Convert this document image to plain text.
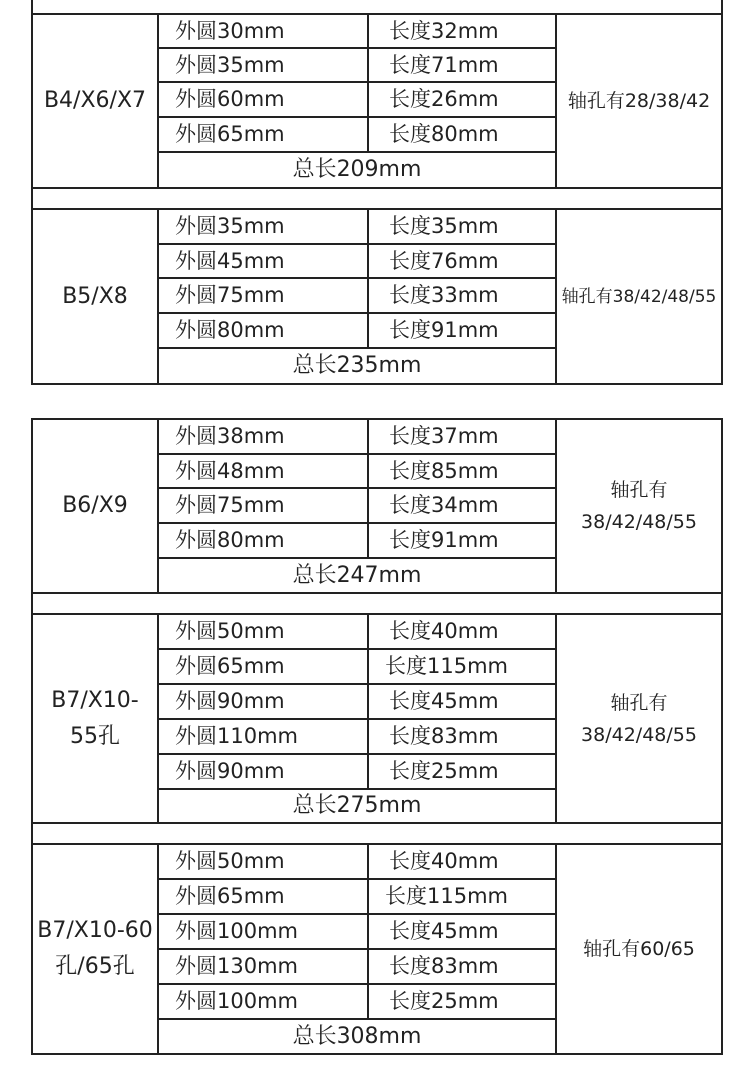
B4/X6/X7	外圆30mm	长度32mm	轴孔有28/38/42
	外圆35mm	长度71mm	
	外圆60mm	长度26mm	
	外圆65mm	长度80mm	
	总长209mm		

B5/X8	外圆35mm	长度35mm	轴孔有38/42/48/55
	外圆45mm	长度76mm	
	外圆75mm	长度33mm	
	外圆80mm	长度91mm	
	总长235mm		
B6/X9	外圆38mm	长度37mm	轴孔有38/42/48/55
	外圆48mm	长度85mm	
	外圆75mm	长度34mm	
	外圆80mm	长度91mm	
	总长247mm		

B7/X10-55孔	外圆50mm	长度40mm	轴孔有38/42/48/55
	外圆65mm	长度115mm	
	外圆90mm	长度45mm	
	外圆110mm	长度83mm	
	外圆90mm	长度25mm	
	总长275mm		

B7/X10-60孔/65孔	外圆50mm	长度40mm	轴孔有60/65
	外圆65mm	长度115mm	
	外圆100mm	长度45mm	
	外圆130mm	长度83mm	
	外圆100mm	长度25mm	
	总长308mm		
